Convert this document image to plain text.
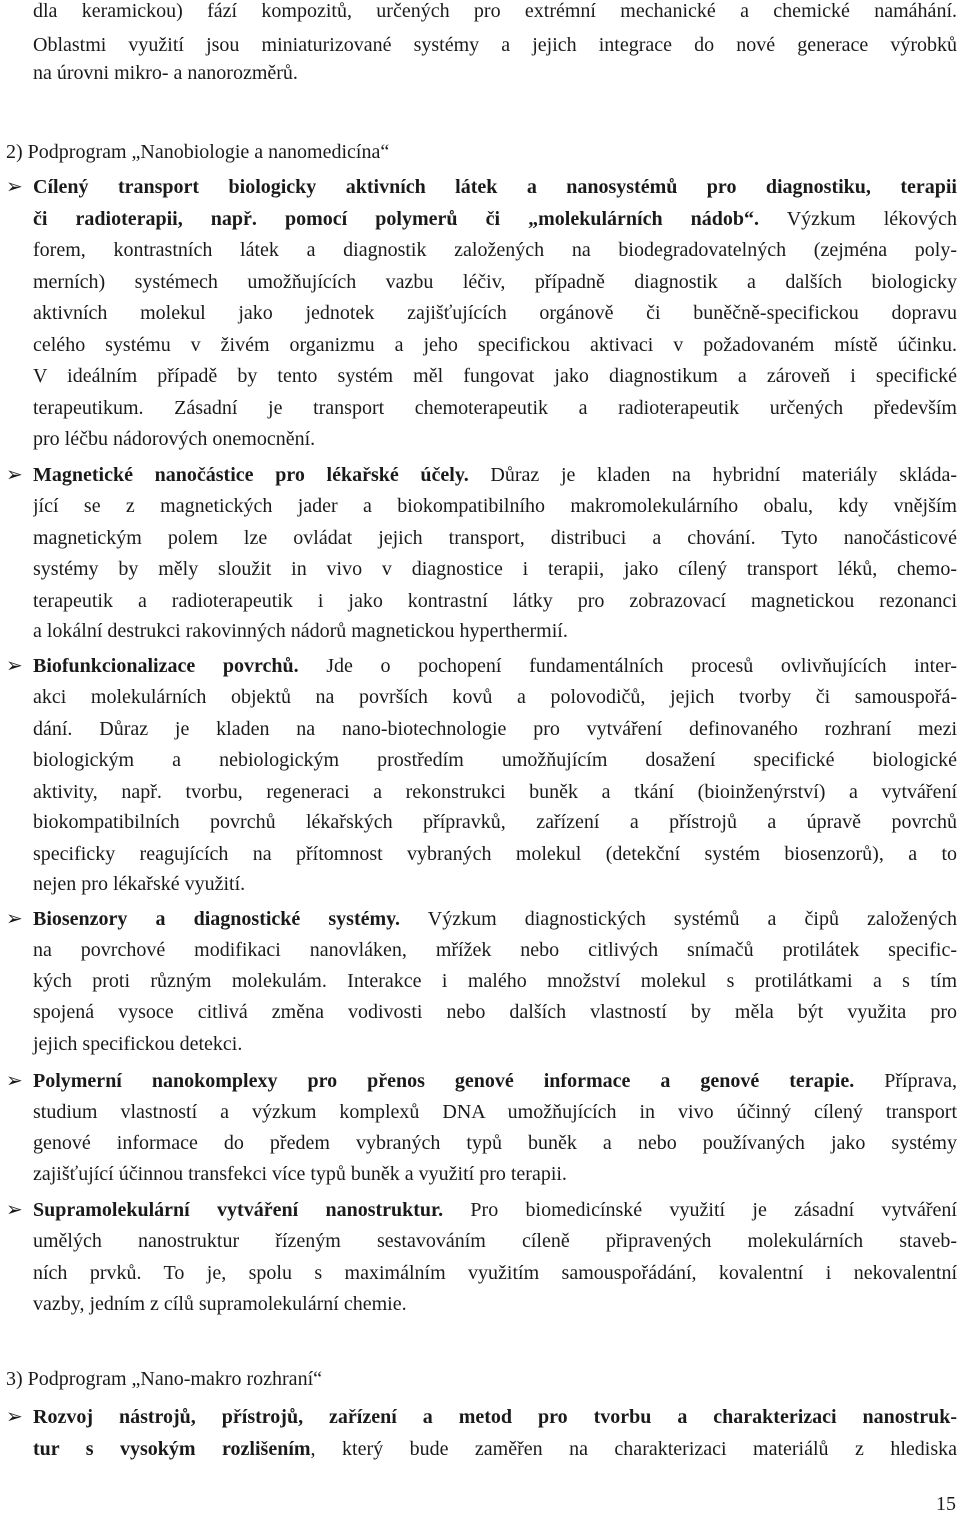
dla keramickou) fází kompozitů, určených pro extrémní mechanické a chemické namáhání.
Oblastmi využití jsou miniaturizované systémy a jejich integrace do nové generace výrobků
na úrovni mikro- a nanorozměrů.
2) Podprogram „Nanobiologie a nanomedicína“
➢ Cílený transport biologicky aktivních látek a nanosystémů pro diagnostiku, terapii
či radioterapii, např. pomocí polymerů či „molekulárních nádob“. Výzkum lékových
forem, kontrastních látek a diagnostik založených na biodegradovatelných (zejména poly-
merních) systémech umožňujících vazbu léčiv, případně diagnostik a dalších biologicky
aktivních molekul jako jednotek zajišťujících orgánově či buněčně-specifickou dopravu
celého systému v živém organizmu a jeho specifickou aktivaci v požadovaném místě účinku.
V ideálním případě by tento systém měl fungovat jako diagnostikum a zároveň i specifické
terapeutikum. Zásadní je transport chemoterapeutik a radioterapeutik určených především
pro léčbu nádorových onemocnění.
➢ Magnetické nanočástice pro lékařské účely. Důraz je kladen na hybridní materiály skláda-
jící se z magnetických jader a biokompatibilního makromolekulárního obalu, kdy vnějším
magnetickým polem lze ovládat jejich transport, distribuci a chování. Tyto nanočásticové
systémy by měly sloužit in vivo v diagnostice i terapii, jako cílený transport léků, chemo-
terapeutik a radioterapeutik i jako kontrastní látky pro zobrazovací magnetickou rezonanci
a lokální destrukci rakovinných nádorů magnetickou hyperthermií.
➢ Biofunkcionalizace povrchů. Jde o pochopení fundamentálních procesů ovlivňujících inter-
akci molekulárních objektů na površích kovů a polovodičů, jejich tvorby či samouspořá-
dání. Důraz je kladen na nano-biotechnologie pro vytváření definovaného rozhraní mezi
biologickým a nebiologickým prostředím umožňujícím dosažení specifické biologické
aktivity, např. tvorbu, regeneraci a rekonstrukci buněk a tkání (bioinženýrství) a vytváření
biokompatibilních povrchů lékařských přípravků, zařízení a přístrojů a úpravě povrchů
specificky reagujících na přítomnost vybraných molekul (detekční systém biosenzorů), a to
nejen pro lékařské využití.
➢ Biosenzory a diagnostické systémy. Výzkum diagnostických systémů a čipů založených
na povrchové modifikaci nanovláken, mřížek nebo citlivých snímačů protilátek specific-
kých proti různým molekulám. Interakce i malého množství molekul s protilátkami a s tím
spojená vysoce citlivá změna vodivosti nebo dalších vlastností by měla být využita pro
jejich specifickou detekci.
➢ Polymerní nanokomplexy pro přenos genové informace a genové terapie. Příprava,
studium vlastností a výzkum komplexů DNA umožňujících in vivo účinný cílený transport
genové informace do předem vybraných typů buněk a nebo používaných jako systémy
zajišťující účinnou transfekci více typů buněk a využití pro terapii.
➢ Supramolekulární vytváření nanostruktur. Pro biomedicínské využití je zásadní vytváření
umělých nanostruktur řízeným sestavováním cíleně připravených molekulárních staveb-
ních prvků. To je, spolu s maximálním využitím samouspořádání, kovalentní i nekovalentní
vazby, jedním z cílů supramolekulární chemie.
3) Podprogram „Nano-makro rozhraní“
➢ Rozvoj nástrojů, přístrojů, zařízení a metod pro tvorbu a charakterizaci nanostruk-
tur s vysokým rozlišením, který bude zaměřen na charakterizaci materiálů z hlediska
15
